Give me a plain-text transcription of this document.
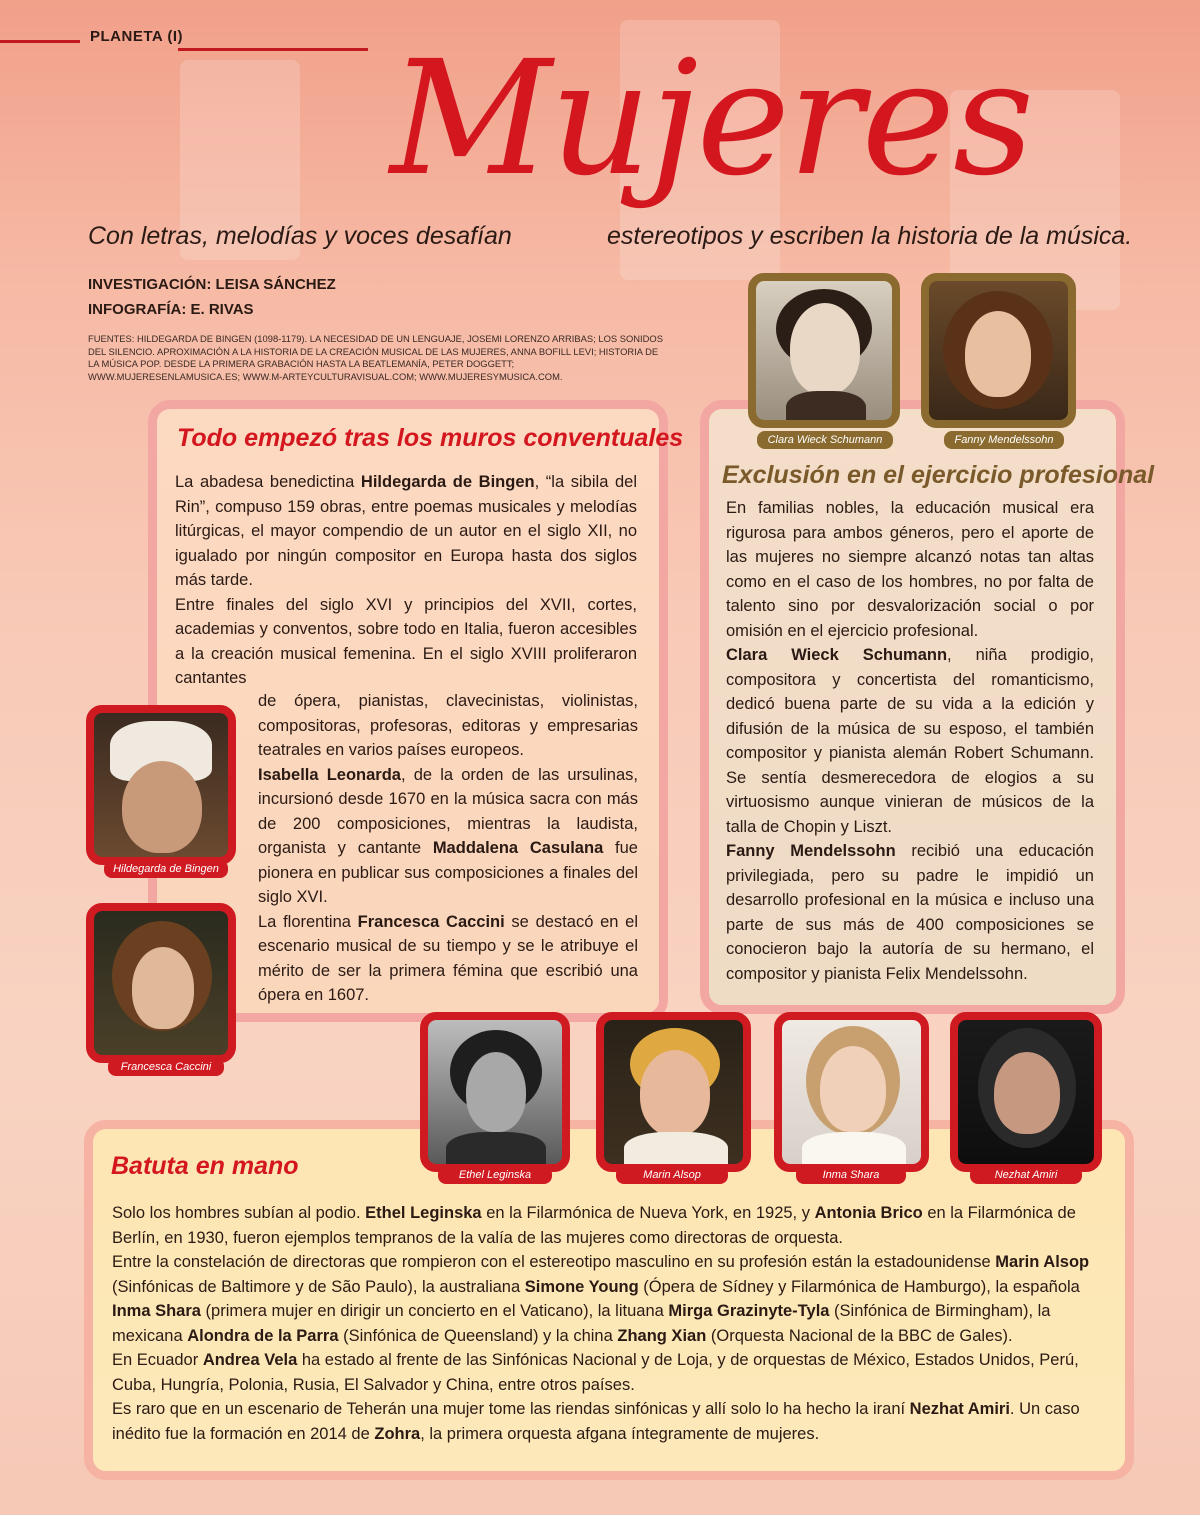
PLANETA (I) Mujeres
Con letras, melodías y voces desafían	estereotipos y escriben la historia de la música.
INVESTIGACIÓN: LEISA SÁNCHEZ
INFOGRAFÍA: E. RIVAS
FUENTES: HILDEGARDA DE BINGEN (1098-1179). LA NECESIDAD DE UN LENGUAJE, JOSEMI LORENZO ARRIBAS; LOS SONIDOS DEL SILENCIO. APROXIMACIÓN A LA HISTORIA DE LA CREACIÓN MUSICAL DE LAS MUJERES, ANNA BOFILL LEVI; HISTORIA DE LA MÚSICA POP. DESDE LA PRIMERA GRABACIÓN HASTA LA BEATLEMANÍA, PETER DOGGETT; WWW.MUJERESENLAMUSICA.ES; WWW.M-ARTEYCULTURAVISUAL.COM; WWW.MUJERESYMUSICA.COM.
Todo empezó tras los muros conventuales
La abadesa benedictina Hildegarda de Bingen, “la sibila del Rin”, compuso 159 obras, entre poemas musicales y melodías litúrgicas, el mayor compendio de un autor en el siglo XII, no igualado por ningún compositor en Europa hasta dos siglos más tarde.
Entre finales del siglo XVI y principios del XVII, cortes, academias y conventos, sobre todo en Italia, fueron accesibles a la creación musical femenina. En el siglo XVIII proliferaron cantantes
de ópera, pianistas, clavecinistas, violinistas, compositoras, profesoras, editoras y empresarias teatrales en varios países europeos.
Isabella Leonarda, de la orden de las ursulinas, incursionó desde 1670 en la música sacra con más de 200 composiciones, mientras la laudista, organista y cantante Maddalena Casulana fue pionera en publicar sus composiciones a finales del siglo XVI.
La florentina Francesca Caccini se destacó en el escenario musical de su tiempo y se le atribuye el mérito de ser la primera fémina que escribió una ópera en 1607.
Hildegarda de Bingen
Francesca Caccini
Clara Wieck Schumann	Fanny Mendelssohn
Exclusión en el ejercicio profesional
En familias nobles, la educación musical era rigurosa para ambos géneros, pero el aporte de las mujeres no siempre alcanzó notas tan altas como en el caso de los hombres, no por falta de talento sino por desvalorización social o por omisión en el ejercicio profesional.
Clara Wieck Schumann, niña prodigio, compositora y concertista del romanticismo, dedicó buena parte de su vida a la edición y difusión de la música de su esposo, el también compositor y pianista alemán Robert Schumann. Se sentía desmerecedora de elogios a su virtuosismo aunque vinieran de músicos de la talla de Chopin y Liszt.
Fanny Mendelssohn recibió una educación privilegiada, pero su padre le impidió un desarrollo profesional en la música e incluso una parte de sus más de 400 composiciones se conocieron bajo la autoría de su hermano, el compositor y pianista Felix Mendelssohn.
Ethel Leginska	Marin Alsop	Inma Shara	Nezhat Amiri
Batuta en mano
Solo los hombres subían al podio. Ethel Leginska en la Filarmónica de Nueva York, en 1925, y Antonia Brico en la Filarmónica de Berlín, en 1930, fueron ejemplos tempranos de la valía de las mujeres como directoras de orquesta.
Entre la constelación de directoras que rompieron con el estereotipo masculino en su profesión están la estadounidense Marin Alsop (Sinfónicas de Baltimore y de São Paulo), la australiana Simone Young (Ópera de Sídney y Filarmónica de Hamburgo), la española Inma Shara (primera mujer en dirigir un concierto en el Vaticano), la lituana Mirga Grazinyte-Tyla (Sinfónica de Birmingham), la mexicana Alondra de la Parra (Sinfónica de Queensland) y la china Zhang Xian (Orquesta Nacional de la BBC de Gales).
En Ecuador Andrea Vela ha estado al frente de las Sinfónicas Nacional y de Loja, y de orquestas de México, Estados Unidos, Perú, Cuba, Hungría, Polonia, Rusia, El Salvador y China, entre otros países.
Es raro que en un escenario de Teherán una mujer tome las riendas sinfónicas y allí solo lo ha hecho la iraní Nezhat Amiri. Un caso inédito fue la formación en 2014 de Zohra, la primera orquesta afgana íntegramente de mujeres.
